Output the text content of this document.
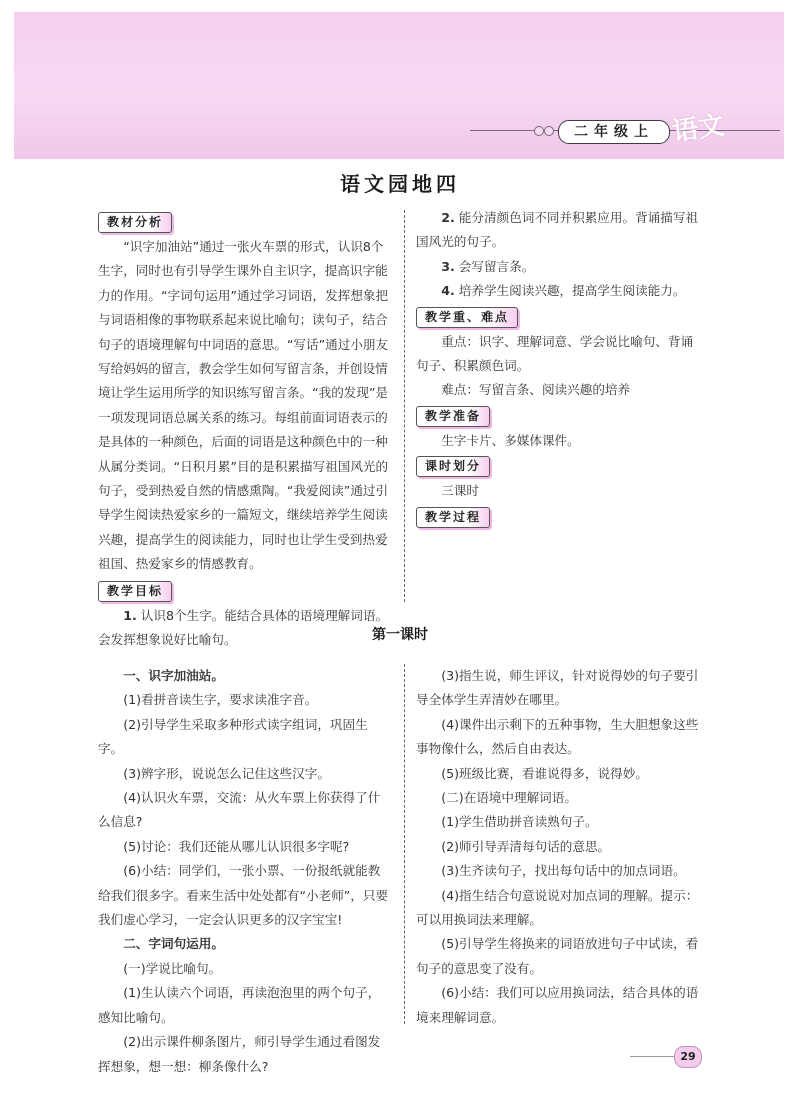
二年级上 语文
语文园地四
教材分析

“识字加油站”通过一张火车票的形式，认识8个生字，同时也有引导学生课外自主识字，提高识字能力的作用。“字词句运用”通过学习词语，发挥想象把与词语相像的事物联系起来说比喻句；读句子，结合句子的语境理解句中词语的意思。“写话”通过小朋友写给妈妈的留言，教会学生如何写留言条，并创设情境让学生运用所学的知识练写留言条。“我的发现”是一项发现词语总属关系的练习。每组前面词语表示的是具体的一种颜色，后面的词语是这种颜色中的一种从属分类词。“日积月累”目的是积累描写祖国风光的句子，受到热爱自然的情感熏陶。“我爱阅读”通过引导学生阅读热爱家乡的一篇短文，继续培养学生阅读兴趣，提高学生的阅读能力，同时也让学生受到热爱祖国、热爱家乡的情感教育。

教学目标

1. 认识8个生字。能结合具体的语境理解词语。会发挥想象说好比喻句。

2. 能分清颜色词不同并积累应用。背诵描写祖国风光的句子。

3. 会写留言条。

4. 培养学生阅读兴趣，提高学生阅读能力。

教学重、难点

重点：识字、理解词意、学会说比喻句、背诵句子、积累颜色词。

难点：写留言条、阅读兴趣的培养

教学准备

生字卡片、多媒体课件。

课时划分

三课时

教学过程
第一课时

一、识字加油站。

(1)看拼音读生字，要求读准字音。

(2)引导学生采取多种形式读字组词，巩固生字。

(3)辨字形，说说怎么记住这些汉字。

(4)认识火车票，交流：从火车票上你获得了什么信息?

(5)讨论：我们还能从哪儿认识很多字呢?

(6)小结：同学们，一张小票、一份报纸就能教给我们很多字。看来生活中处处都有“小老师”，只要我们虚心学习，一定会认识更多的汉字宝宝!

二、字词句运用。

(一)学说比喻句。

(1)生认读六个词语，再读泡泡里的两个句子，感知比喻句。

(2)出示课件柳条图片，师引导学生通过看图发挥想象，想一想：柳条像什么?

(3)指生说，师生评议，针对说得妙的句子要引导全体学生弄清妙在哪里。

(4)课件出示剩下的五种事物，生大胆想象这些事物像什么，然后自由表达。

(5)班级比赛，看谁说得多，说得妙。

(二)在语境中理解词语。

(1)学生借助拼音读熟句子。

(2)师引导弄清每句话的意思。

(3)生齐读句子，找出每句话中的加点词语。

(4)指生结合句意说说对加点词的理解。提示：可以用换词法来理解。

(5)引导学生将换来的词语放进句子中试读，看句子的意思变了没有。

(6)小结：我们可以应用换词法，结合具体的语境来理解词意。

29
